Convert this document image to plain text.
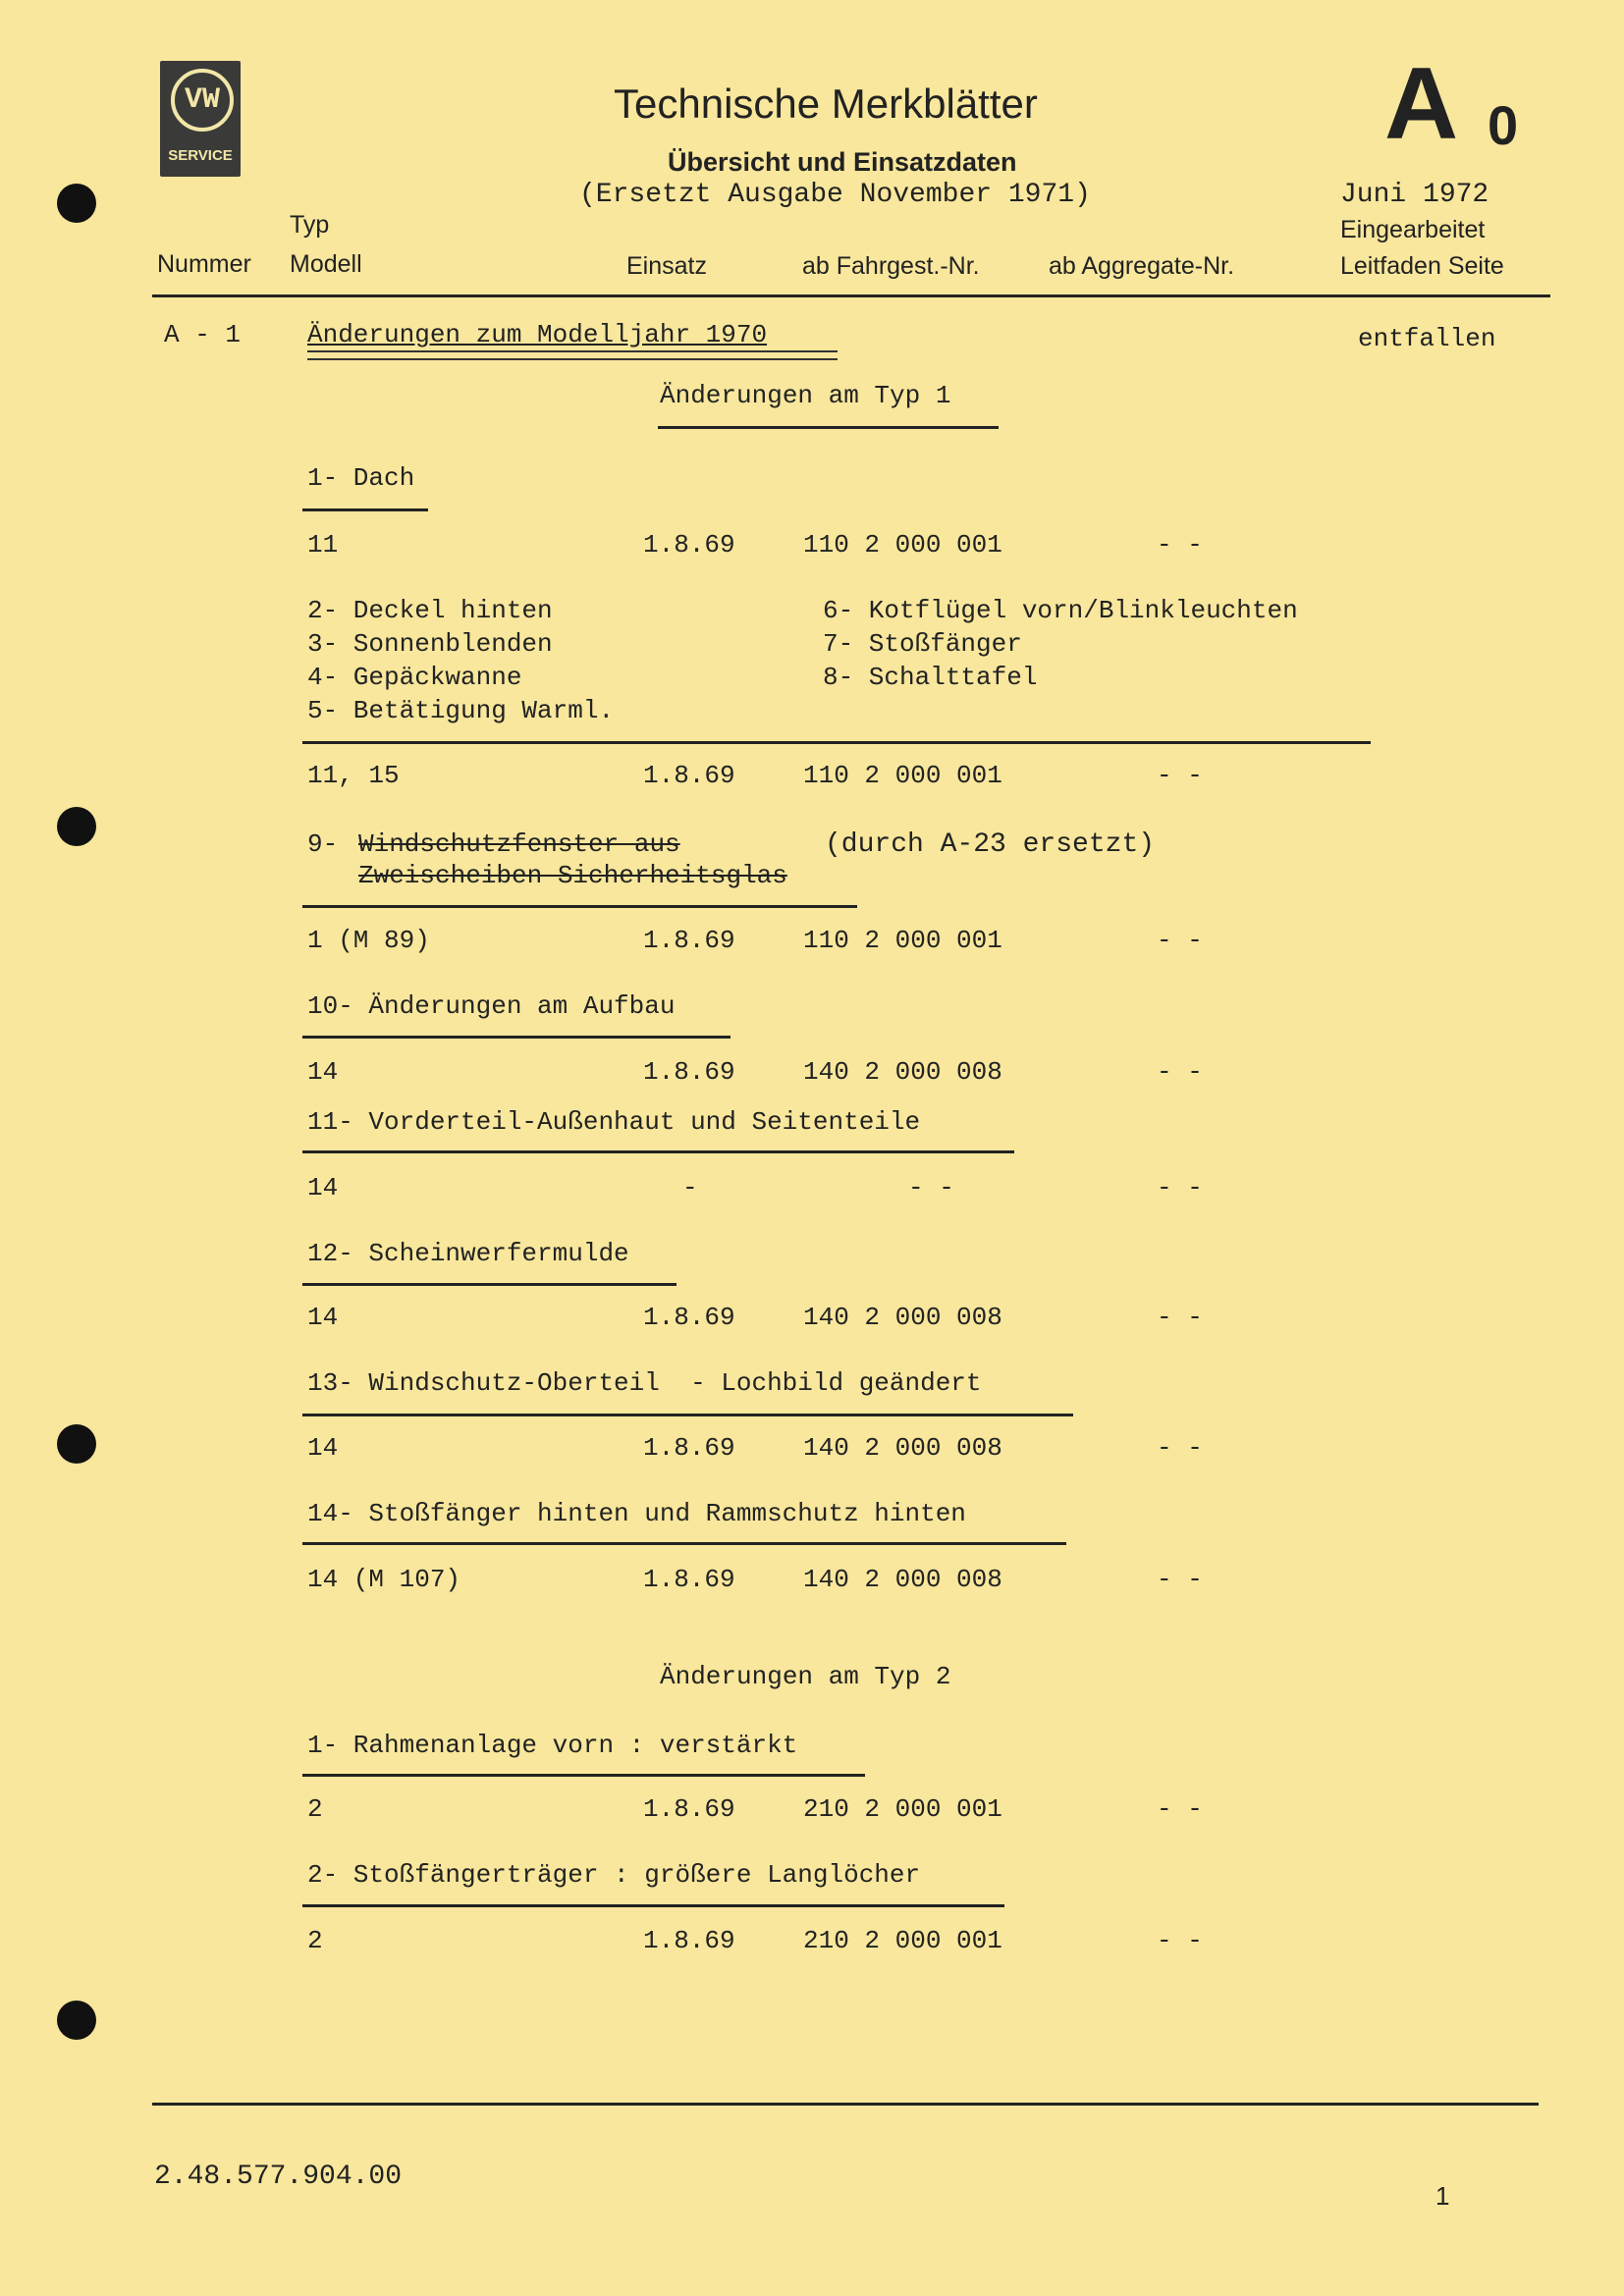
VW
SERVICE
Technische Merkblätter
Übersicht und Einsatzdaten
(Ersetzt Ausgabe November 1971)
A 0
Juni 1972
Typ
Nummer Modell	Einsatz	ab Fahrgest.-Nr.	ab Aggregate-Nr.
Eingearbeitet
Leitfaden Seite
A - 1	Änderungen zum Modelljahr 1970	entfallen
Änderungen am Typ 1
1- Dach
11	1.8.69	110 2 000 001	- -
2- Deckel hinten
3- Sonnenblenden
4- Gepäckwanne
5- Betätigung Warml.
6- Kotflügel vorn/Blinkleuchten
7- Stoßfänger
8- Schalttafel
11, 15	1.8.69	110 2 000 001	- -
9- Windschutzfenster aus
Zweischeiben-Sicherheitsglas
(durch A-23 ersetzt)
1 (M 89)	1.8.69	110 2 000 001	- -
10- Änderungen am Aufbau
14	1.8.69	140 2 000 008	- -
11- Vorderteil-Außenhaut und Seitenteile
14	-	- -	- -
12- Scheinwerfermulde
14	1.8.69	140 2 000 008	- -
13- Windschutz-Oberteil  - Lochbild geändert
14	1.8.69	140 2 000 008	- -
14- Stoßfänger hinten und Rammschutz hinten
14 (M 107)	1.8.69	140 2 000 008	- -
Änderungen am Typ 2
1- Rahmenanlage vorn : verstärkt
2	1.8.69	210 2 000 001	- -
2- Stoßfängerträger : größere Langlöcher
2	1.8.69	210 2 000 001	- -
2.48.577.904.00
1
